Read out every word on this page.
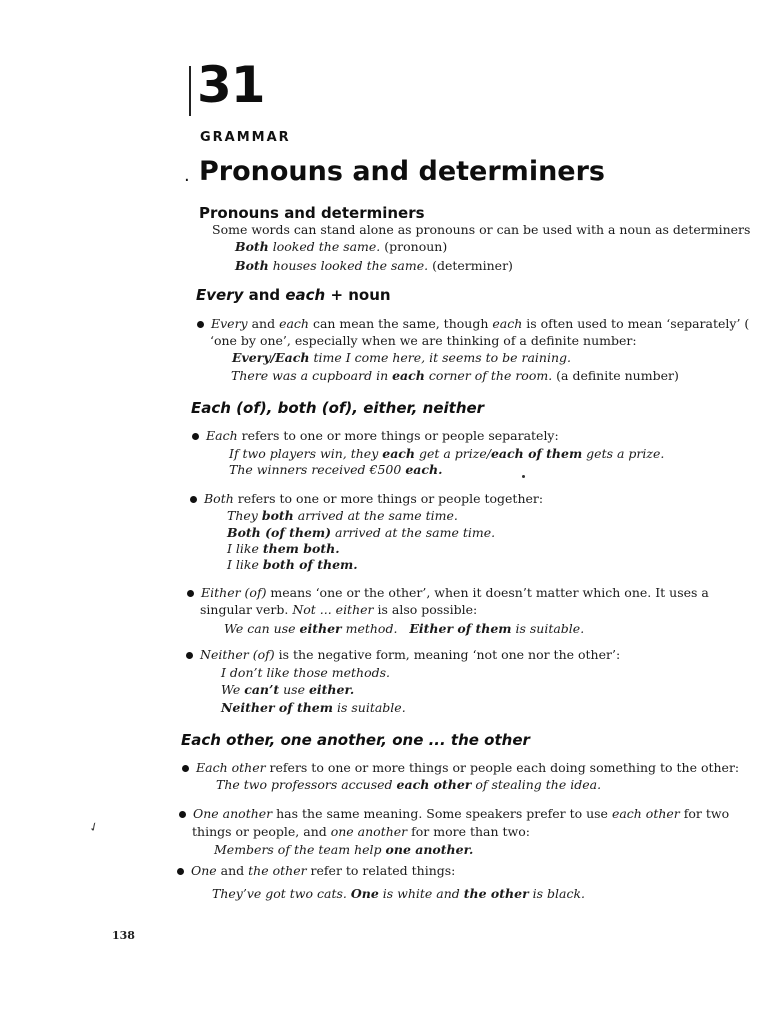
31
GRAMMAR
. Pronouns and determiners
Pronouns and determiners
Some words can stand alone as pronouns or can be used with a noun as determiners
Both looked the same. (pronoun)
Both houses looked the same. (determiner)
Every and each + noun
Every and each can mean the same, though each is often used to mean ‘separately’ (
‘one by one’, especially when we are thinking of a definite number:
Every/Each time I come here, it seems to be raining.
There was a cupboard in each corner of the room. (a definite number)
Each (of), both (of), either, neither
Each refers to one or more things or people separately:
If two players win, they each get a prize/each of them gets a prize.
The winners received €500 each.
Both refers to one or more things or people together:
They both arrived at the same time.
Both (of them) arrived at the same time.
I like them both.
I like both of them.
Either (of) means ‘one or the other’, when it doesn’t matter which one. It uses a
singular verb. Not ... either is also possible:
We can use either method. Either of them is suitable.
Neither (of) is the negative form, meaning ‘not one nor the other’:
I don’t like those methods.
We can’t use either.
Neither of them is suitable.
Each other, one another, one ... the other
Each other refers to one or more things or people each doing something to the other:
The two professors accused each other of stealing the idea.
One another has the same meaning. Some speakers prefer to use each other for two
things or people, and one another for more than two:
Members of the team help one another.
✓
One and the other refer to related things:
They’ve got two cats. One is white and the other is black.
138
